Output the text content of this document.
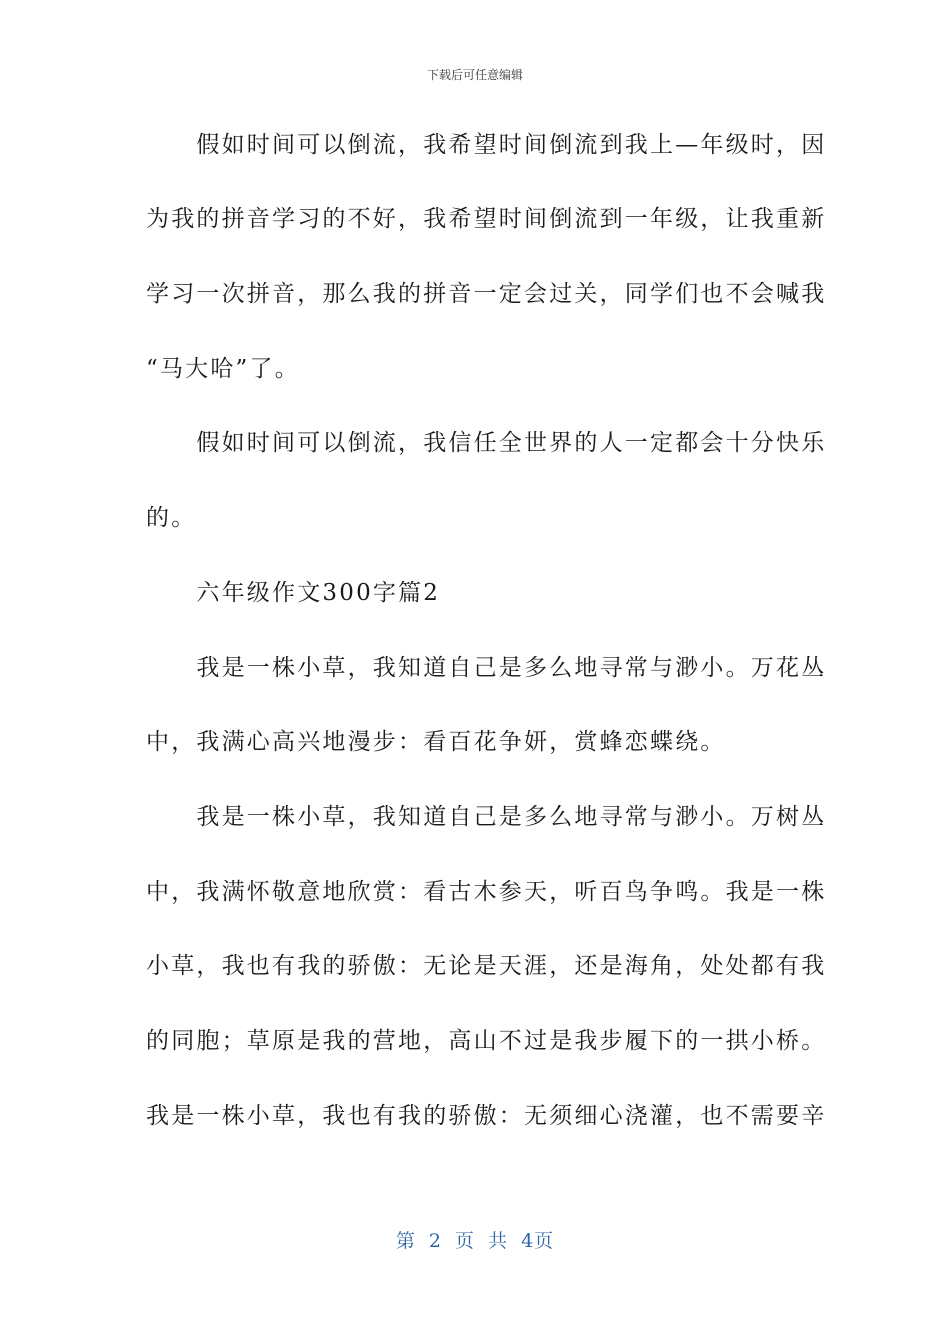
下载后可任意编辑
　　假如时间可以倒流，我希望时间倒流到我上—年级时，因
为我的拼音学习的不好，我希望时间倒流到一年级，让我重新
学习一次拼音，那么我的拼音一定会过关，同学们也不会喊我
“马大哈”了。
　　假如时间可以倒流，我信任全世界的人一定都会十分快乐
的。
　　六年级作文300字篇2
　　我是一株小草，我知道自己是多么地寻常与渺小。万花丛
中，我满心高兴地漫步：看百花争妍，赏蜂恋蝶绕。
　　我是一株小草，我知道自己是多么地寻常与渺小。万树丛
中，我满怀敬意地欣赏：看古木参天，听百鸟争鸣。我是一株
小草，我也有我的骄傲：无论是天涯，还是海角，处处都有我
的同胞；草原是我的营地，高山不过是我步履下的一拱小桥。
我是一株小草，我也有我的骄傲：无须细心浇灌，也不需要辛
第 2 页 共 4页
